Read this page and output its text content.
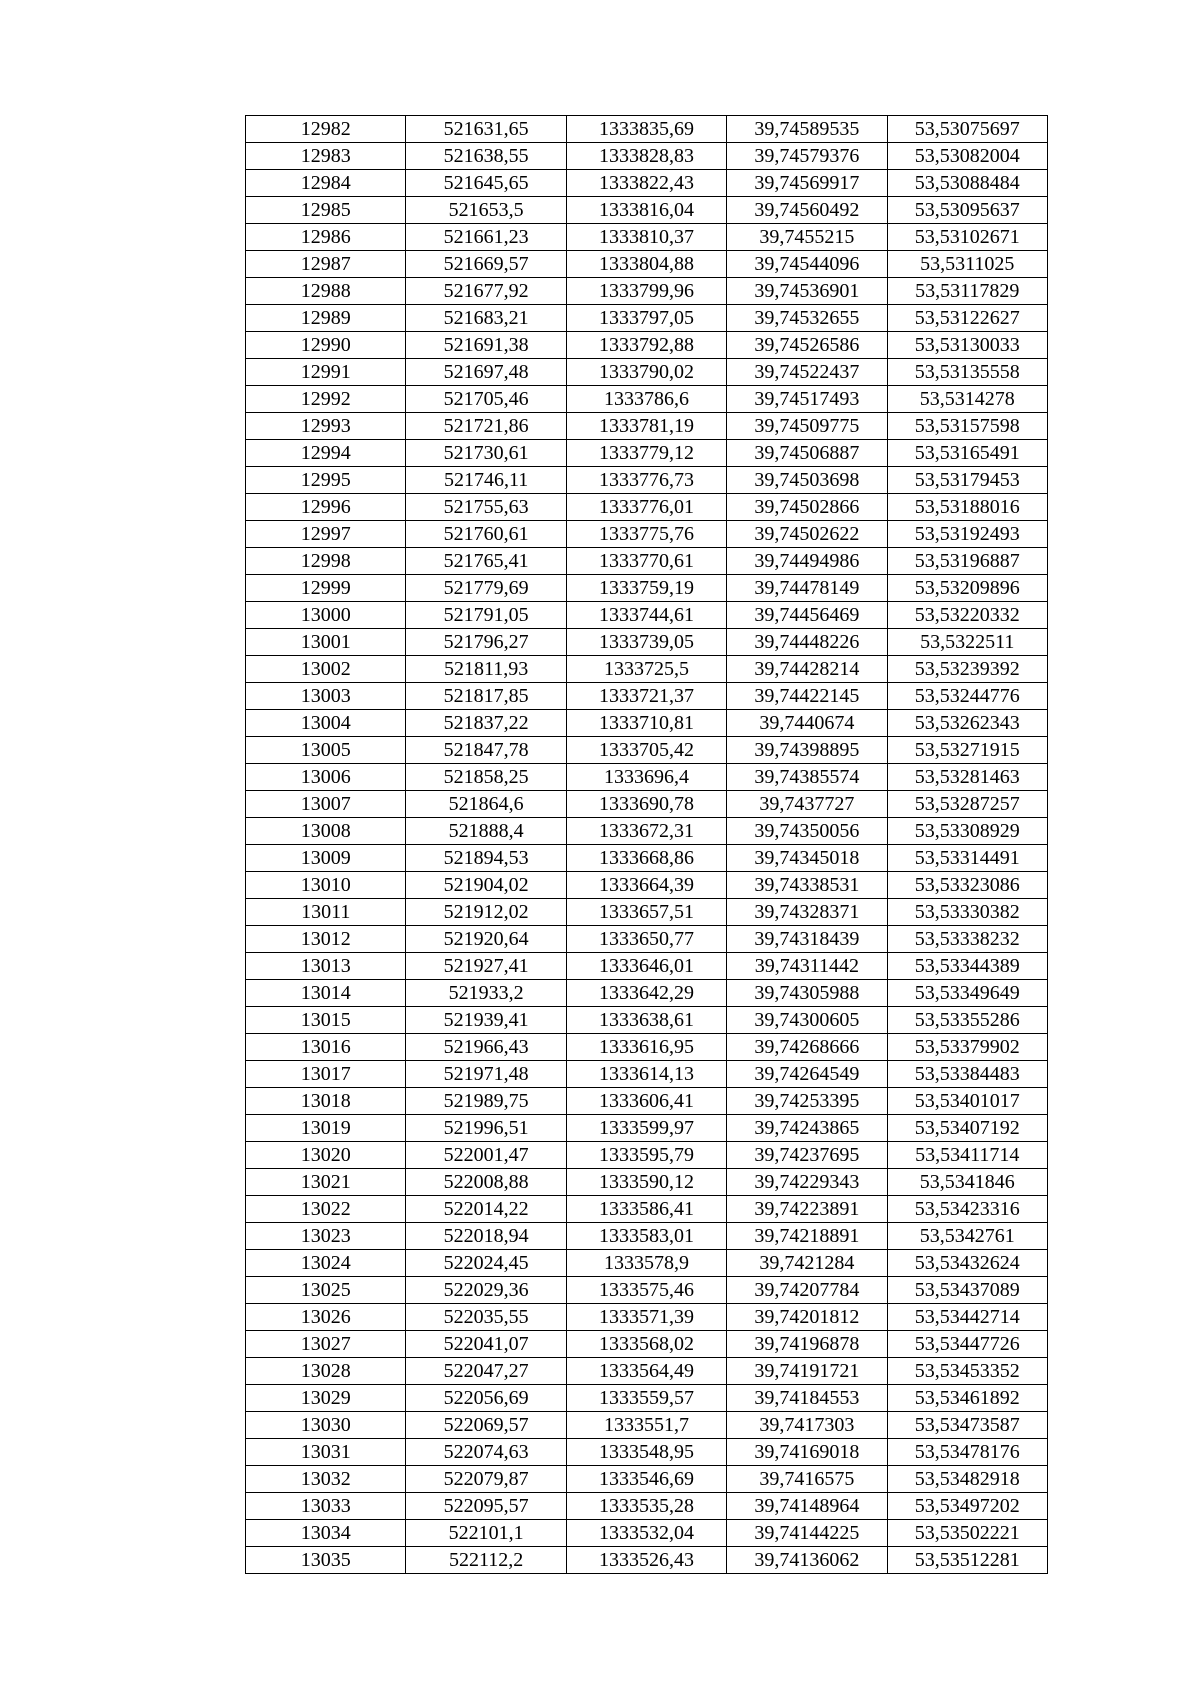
12982	521631,65	1333835,69	39,74589535	53,53075697
12983	521638,55	1333828,83	39,74579376	53,53082004
12984	521645,65	1333822,43	39,74569917	53,53088484
12985	521653,5	1333816,04	39,74560492	53,53095637
12986	521661,23	1333810,37	39,7455215	53,53102671
12987	521669,57	1333804,88	39,74544096	53,5311025
12988	521677,92	1333799,96	39,74536901	53,53117829
12989	521683,21	1333797,05	39,74532655	53,53122627
12990	521691,38	1333792,88	39,74526586	53,53130033
12991	521697,48	1333790,02	39,74522437	53,53135558
12992	521705,46	1333786,6	39,74517493	53,5314278
12993	521721,86	1333781,19	39,74509775	53,53157598
12994	521730,61	1333779,12	39,74506887	53,53165491
12995	521746,11	1333776,73	39,74503698	53,53179453
12996	521755,63	1333776,01	39,74502866	53,53188016
12997	521760,61	1333775,76	39,74502622	53,53192493
12998	521765,41	1333770,61	39,74494986	53,53196887
12999	521779,69	1333759,19	39,74478149	53,53209896
13000	521791,05	1333744,61	39,74456469	53,53220332
13001	521796,27	1333739,05	39,74448226	53,5322511
13002	521811,93	1333725,5	39,74428214	53,53239392
13003	521817,85	1333721,37	39,74422145	53,53244776
13004	521837,22	1333710,81	39,7440674	53,53262343
13005	521847,78	1333705,42	39,74398895	53,53271915
13006	521858,25	1333696,4	39,74385574	53,53281463
13007	521864,6	1333690,78	39,7437727	53,53287257
13008	521888,4	1333672,31	39,74350056	53,53308929
13009	521894,53	1333668,86	39,74345018	53,53314491
13010	521904,02	1333664,39	39,74338531	53,53323086
13011	521912,02	1333657,51	39,74328371	53,53330382
13012	521920,64	1333650,77	39,74318439	53,53338232
13013	521927,41	1333646,01	39,74311442	53,53344389
13014	521933,2	1333642,29	39,74305988	53,53349649
13015	521939,41	1333638,61	39,74300605	53,53355286
13016	521966,43	1333616,95	39,74268666	53,53379902
13017	521971,48	1333614,13	39,74264549	53,53384483
13018	521989,75	1333606,41	39,74253395	53,53401017
13019	521996,51	1333599,97	39,74243865	53,53407192
13020	522001,47	1333595,79	39,74237695	53,53411714
13021	522008,88	1333590,12	39,74229343	53,5341846
13022	522014,22	1333586,41	39,74223891	53,53423316
13023	522018,94	1333583,01	39,74218891	53,5342761
13024	522024,45	1333578,9	39,7421284	53,53432624
13025	522029,36	1333575,46	39,74207784	53,53437089
13026	522035,55	1333571,39	39,74201812	53,53442714
13027	522041,07	1333568,02	39,74196878	53,53447726
13028	522047,27	1333564,49	39,74191721	53,53453352
13029	522056,69	1333559,57	39,74184553	53,53461892
13030	522069,57	1333551,7	39,7417303	53,53473587
13031	522074,63	1333548,95	39,74169018	53,53478176
13032	522079,87	1333546,69	39,7416575	53,53482918
13033	522095,57	1333535,28	39,74148964	53,53497202
13034	522101,1	1333532,04	39,74144225	53,53502221
13035	522112,2	1333526,43	39,74136062	53,53512281
